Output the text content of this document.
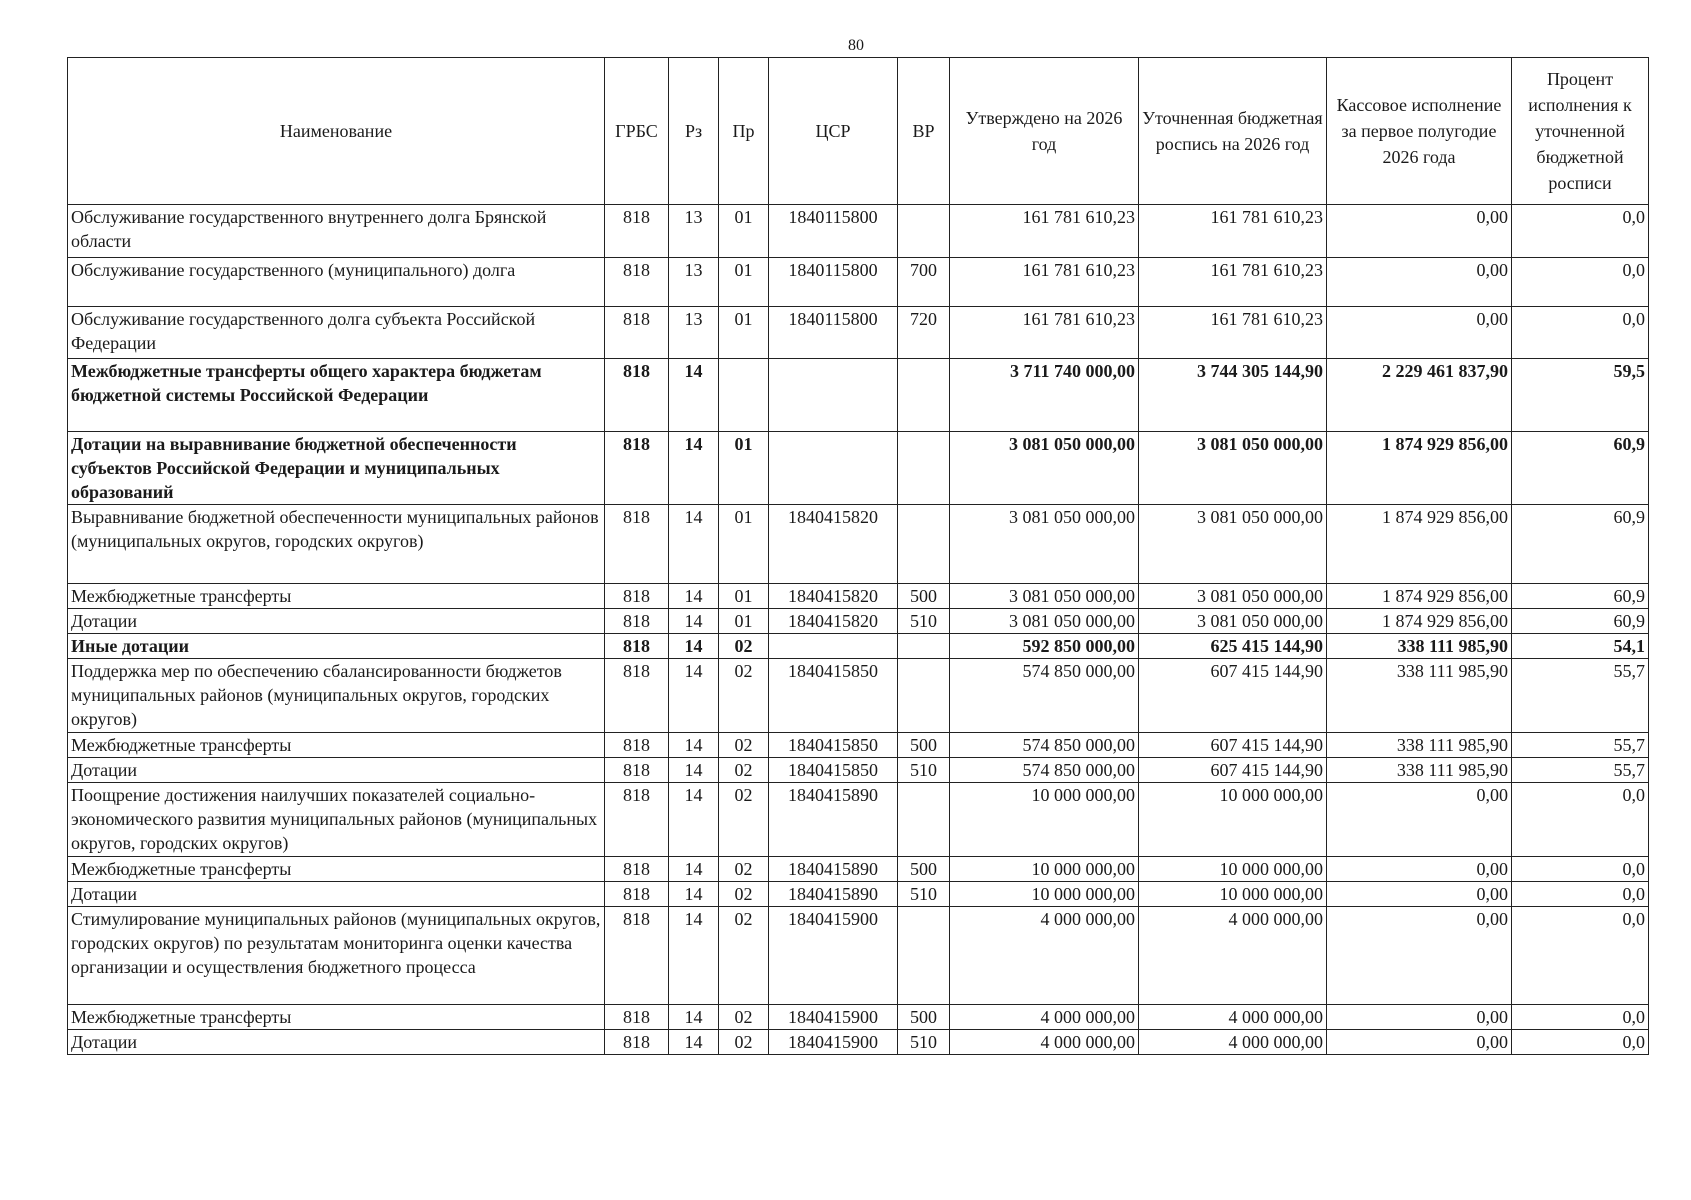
80
Наименование	ГРБС	Рз	Пр	ЦСР	ВР	Утверждено на 2026 год	Уточненная бюджетная роспись на 2026 год	Кассовое исполнение за первое полугодие 2026 года	Процент исполнения к уточненной бюджетной росписи
Обслуживание государственного внутреннего долга Брянской области	818	13	01	1840115800		161 781 610,23	161 781 610,23	0,00	0,0
Обслуживание государственного (муниципального) долга	818	13	01	1840115800	700	161 781 610,23	161 781 610,23	0,00	0,0
Обслуживание государственного долга субъекта Российской Федерации	818	13	01	1840115800	720	161 781 610,23	161 781 610,23	0,00	0,0
Межбюджетные трансферты общего характера бюджетам бюджетной системы Российской Федерации	818	14				3 711 740 000,00	3 744 305 144,90	2 229 461 837,90	59,5
Дотации на выравнивание бюджетной обеспеченности субъектов Российской Федерации и муниципальных образований	818	14	01			3 081 050 000,00	3 081 050 000,00	1 874 929 856,00	60,9
Выравнивание бюджетной обеспеченности муниципальных районов (муниципальных округов, городских округов)	818	14	01	1840415820		3 081 050 000,00	3 081 050 000,00	1 874 929 856,00	60,9
Межбюджетные трансферты	818	14	01	1840415820	500	3 081 050 000,00	3 081 050 000,00	1 874 929 856,00	60,9
Дотации	818	14	01	1840415820	510	3 081 050 000,00	3 081 050 000,00	1 874 929 856,00	60,9
Иные дотации	818	14	02			592 850 000,00	625 415 144,90	338 111 985,90	54,1
Поддержка мер по обеспечению сбалансированности бюджетов муниципальных районов (муниципальных округов, городских округов)	818	14	02	1840415850		574 850 000,00	607 415 144,90	338 111 985,90	55,7
Межбюджетные трансферты	818	14	02	1840415850	500	574 850 000,00	607 415 144,90	338 111 985,90	55,7
Дотации	818	14	02	1840415850	510	574 850 000,00	607 415 144,90	338 111 985,90	55,7
Поощрение достижения наилучших показателей социально-экономического развития муниципальных районов (муниципальных округов, городских округов)	818	14	02	1840415890		10 000 000,00	10 000 000,00	0,00	0,0
Межбюджетные трансферты	818	14	02	1840415890	500	10 000 000,00	10 000 000,00	0,00	0,0
Дотации	818	14	02	1840415890	510	10 000 000,00	10 000 000,00	0,00	0,0
Стимулирование муниципальных районов (муниципальных округов, городских округов) по результатам мониторинга оценки качества организации и осуществления бюджетного процесса	818	14	02	1840415900		4 000 000,00	4 000 000,00	0,00	0,0
Межбюджетные трансферты	818	14	02	1840415900	500	4 000 000,00	4 000 000,00	0,00	0,0
Дотации	818	14	02	1840415900	510	4 000 000,00	4 000 000,00	0,00	0,0
